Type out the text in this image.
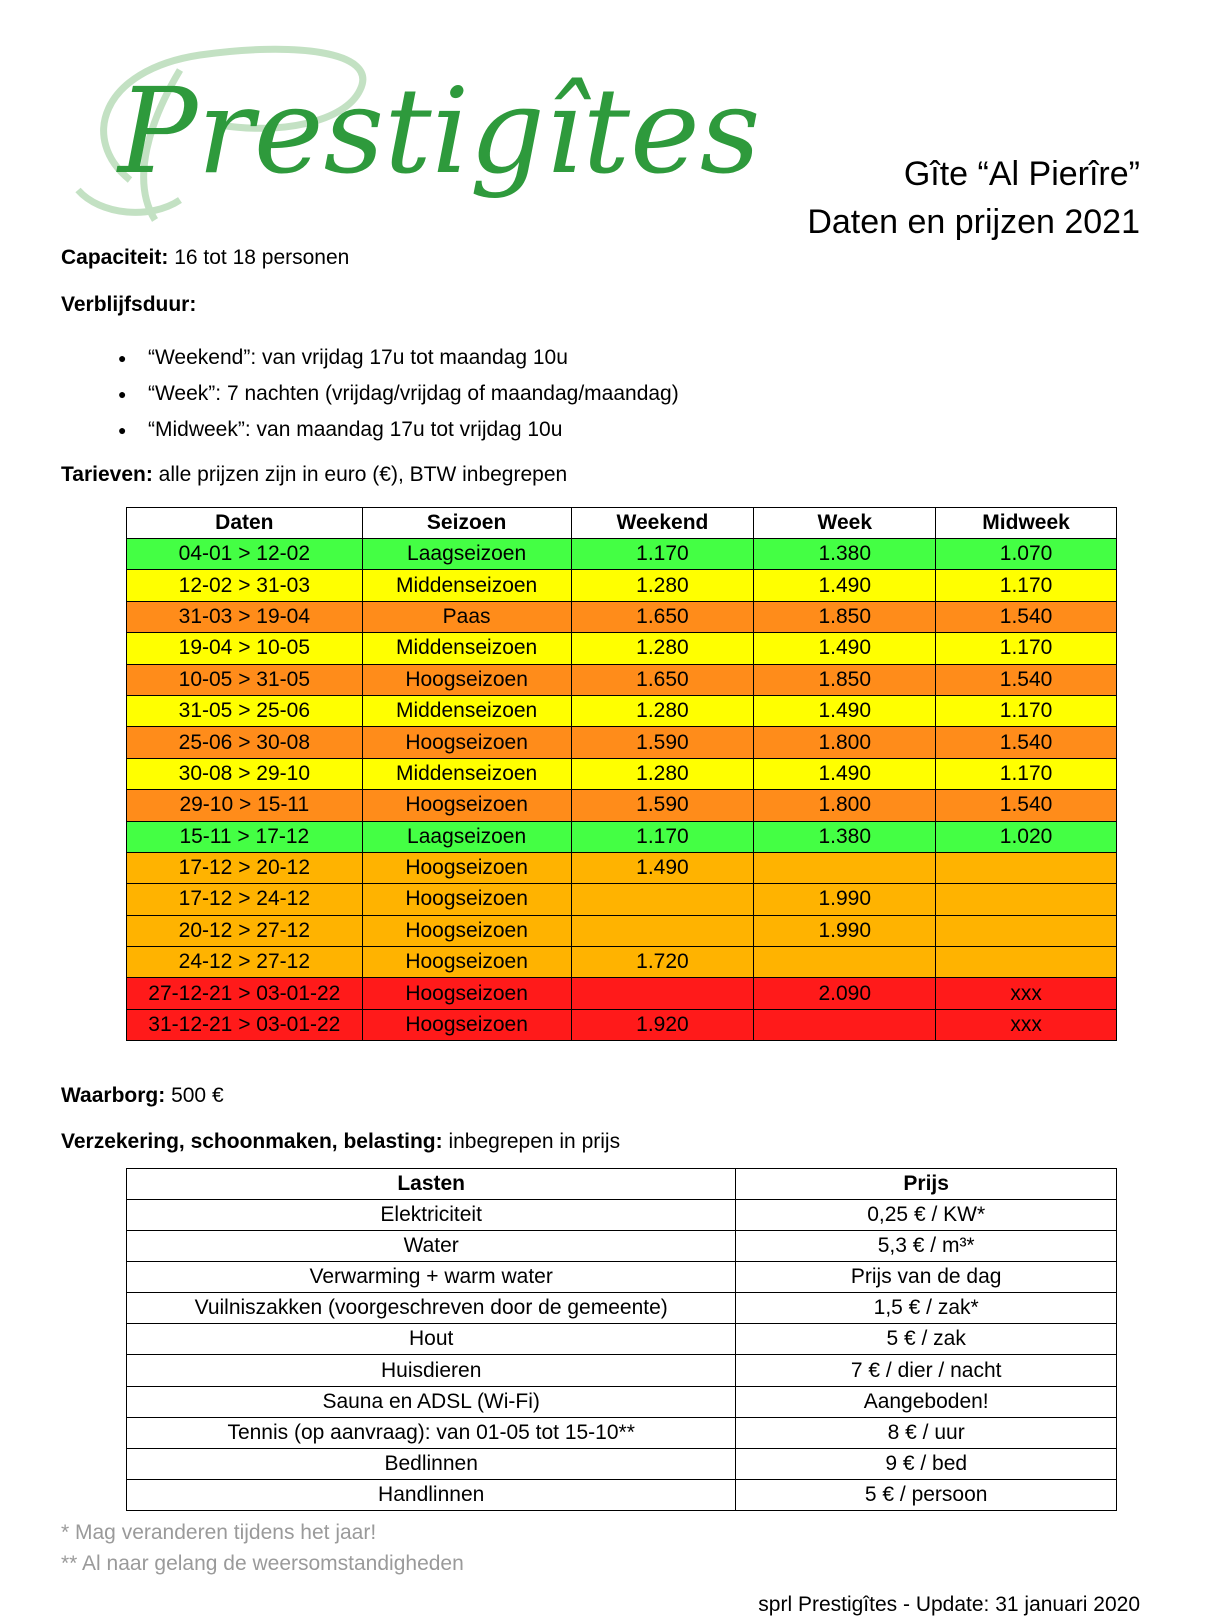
Prestigîtes	Gîte “Al Pierîre”
Daten en prijzen 2021
Capaciteit: 16 tot 18 personen
Verblijfsduur:
● “Weekend”: van vrijdag 17u tot maandag 10u
● “Week”: 7 nachten (vrijdag/vrijdag of maandag/maandag)
● “Midweek”: van maandag 17u tot vrijdag 10u
Tarieven: alle prijzen zijn in euro (€), BTW inbegrepen
Daten	Seizoen	Weekend	Week	Midweek
04-01 > 12-02	Laagseizoen	1.170	1.380	1.070
12-02 > 31-03	Middenseizoen	1.280	1.490	1.170
31-03 > 19-04	Paas	1.650	1.850	1.540
19-04 > 10-05	Middenseizoen	1.280	1.490	1.170
10-05 > 31-05	Hoogseizoen	1.650	1.850	1.540
31-05 > 25-06	Middenseizoen	1.280	1.490	1.170
25-06 > 30-08	Hoogseizoen	1.590	1.800	1.540
30-08 > 29-10	Middenseizoen	1.280	1.490	1.170
29-10 > 15-11	Hoogseizoen	1.590	1.800	1.540
15-11 > 17-12	Laagseizoen	1.170	1.380	1.020
17-12 > 20-12	Hoogseizoen	1.490		
17-12 > 24-12	Hoogseizoen		1.990	
20-12 > 27-12	Hoogseizoen		1.990	
24-12 > 27-12	Hoogseizoen	1.720		
27-12-21 > 03-01-22	Hoogseizoen		2.090	xxx
31-12-21 > 03-01-22	Hoogseizoen	1.920		xxx
Waarborg: 500 €
Verzekering, schoonmaken, belasting: inbegrepen in prijs
Lasten	Prijs
Elektriciteit	0,25 € / KW*
Water	5,3 € / m³*
Verwarming + warm water	Prijs van de dag
Vuilniszakken (voorgeschreven door de gemeente)	1,5 € / zak*
Hout	5 € / zak
Huisdieren	7 € / dier / nacht
Sauna en ADSL (Wi-Fi)	Aangeboden!
Tennis (op aanvraag): van 01-05 tot 15-10**	8 € / uur
Bedlinnen	9 € / bed
Handlinnen	5 € / persoon
* Mag veranderen tijdens het jaar!
** Al naar gelang de weersomstandigheden
sprl Prestigîtes - Update: 31 januari 2020
